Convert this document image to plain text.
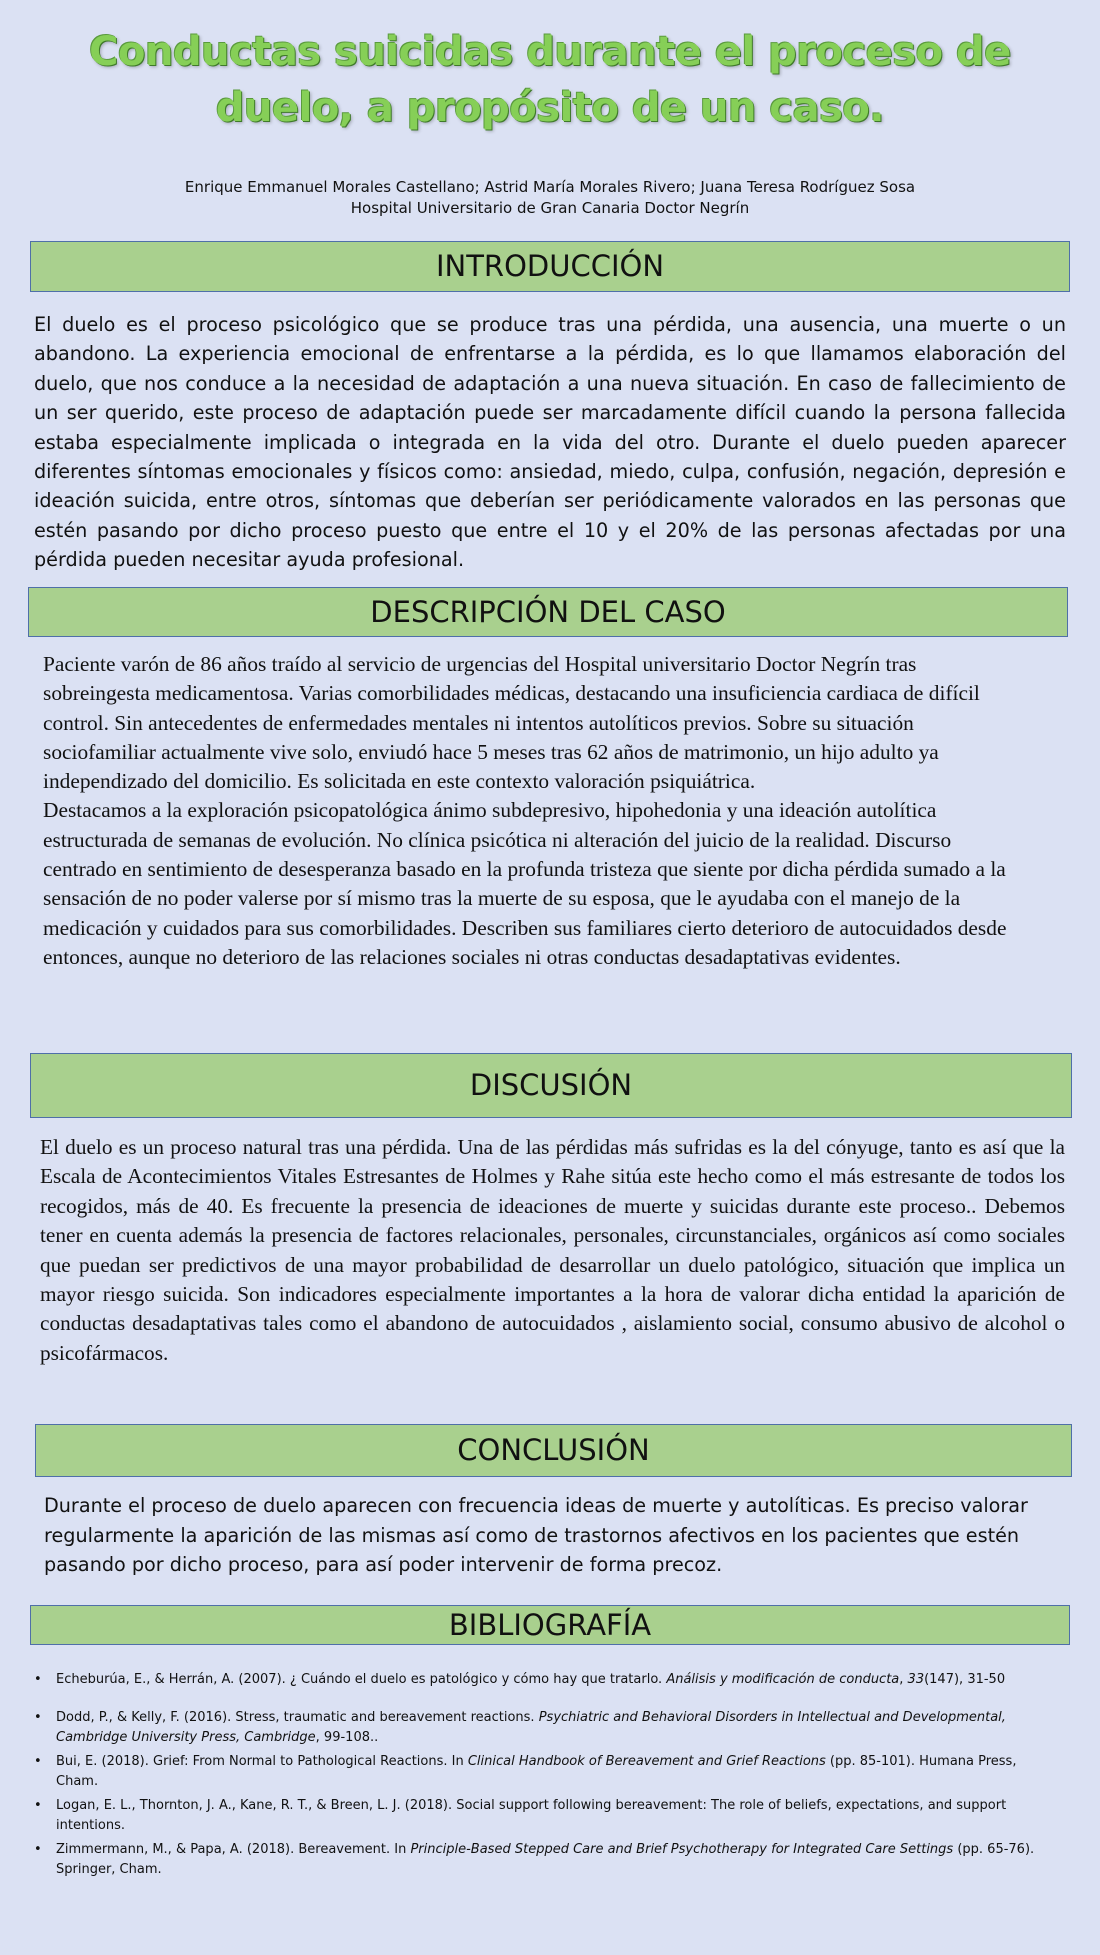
Conductas suicidas durante el proceso de duelo, a propósito de un caso.
Enrique Emmanuel Morales Castellano; Astrid María Morales Rivero; Juana Teresa Rodríguez Sosa
Hospital Universitario de Gran Canaria Doctor Negrín
INTRODUCCIÓN
El duelo es el proceso psicológico que se produce tras una pérdida, una ausencia, una muerte o un abandono. La experiencia emocional de enfrentarse a la pérdida, es lo que llamamos elaboración del duelo, que nos conduce a la necesidad de adaptación a una nueva situación. En caso de fallecimiento de un ser querido, este proceso de adaptación puede ser marcadamente difícil cuando la persona fallecida estaba especialmente implicada o integrada en la vida del otro. Durante el duelo pueden aparecer diferentes síntomas emocionales y físicos como: ansiedad, miedo, culpa, confusión, negación, depresión e ideación suicida, entre otros, síntomas que deberían ser periódicamente valorados en las personas que estén pasando por dicho proceso puesto que entre el 10 y el 20% de las personas afectadas por una pérdida pueden necesitar ayuda profesional.
DESCRIPCIÓN DEL CASO

Paciente varón de 86 años traído al servicio de urgencias del Hospital universitario Doctor Negrín tras sobreingesta medicamentosa. Varias comorbilidades médicas, destacando una insuficiencia cardiaca de difícil control. Sin antecedentes de enfermedades mentales ni intentos autolíticos previos. Sobre su situación sociofamiliar actualmente vive solo, enviudó hace 5 meses tras 62 años de matrimonio, un hijo adulto ya independizado del domicilio. Es solicitada en este contexto valoración psiquiátrica.

Destacamos a la exploración psicopatológica ánimo subdepresivo, hipohedonia y una ideación autolítica estructurada de semanas de evolución. No clínica psicótica ni alteración del juicio de la realidad. Discurso centrado en sentimiento de desesperanza basado en la profunda tristeza que siente por dicha pérdida sumado a la sensación de no poder valerse por sí mismo tras la muerte de su esposa, que le ayudaba con el manejo de la medicación y cuidados para sus comorbilidades. Describen sus familiares cierto deterioro de autocuidados desde entonces, aunque no deterioro de las relaciones sociales ni otras conductas desadaptativas evidentes.

DISCUSIÓN
El duelo es un proceso natural tras una pérdida. Una de las pérdidas más sufridas es la del cónyuge, tanto es así que la Escala de Acontecimientos Vitales Estresantes de Holmes y Rahe sitúa este hecho como el más estresante de todos los recogidos, más de 40. Es frecuente la presencia de ideaciones de muerte y suicidas durante este proceso.. Debemos tener en cuenta además la presencia de factores relacionales, personales, circunstanciales, orgánicos así como sociales que puedan ser predictivos de una mayor probabilidad de desarrollar un duelo patológico, situación que implica un mayor riesgo suicida. Son indicadores especialmente importantes a la hora de valorar dicha entidad la aparición de conductas desadaptativas tales como el abandono de autocuidados , aislamiento social, consumo abusivo de alcohol o psicofármacos.
CONCLUSIÓN
Durante el proceso de duelo aparecen con frecuencia ideas de muerte y autolíticas. Es preciso valorar regularmente la aparición de las mismas así como de trastornos afectivos en los pacientes que estén pasando por dicho proceso, para así poder intervenir de forma precoz.
BIBLIOGRAFÍA
• Echeburúa, E., & Herrán, A. (2007). ¿ Cuándo el duelo es patológico y cómo hay que tratarlo. Análisis y modificación de conducta, 33(147), 31-50
• Dodd, P., & Kelly, F. (2016). Stress, traumatic and bereavement reactions. Psychiatric and Behavioral Disorders in Intellectual and Developmental, Cambridge University Press, Cambridge, 99-108..
• Bui, E. (2018). Grief: From Normal to Pathological Reactions. In Clinical Handbook of Bereavement and Grief Reactions (pp. 85-101). Humana Press, Cham.
• Logan, E. L., Thornton, J. A., Kane, R. T., & Breen, L. J. (2018). Social support following bereavement: The role of beliefs, expectations, and support intentions.
• Zimmermann, M., & Papa, A. (2018). Bereavement. In Principle-Based Stepped Care and Brief Psychotherapy for Integrated Care Settings (pp. 65-76). Springer, Cham.
